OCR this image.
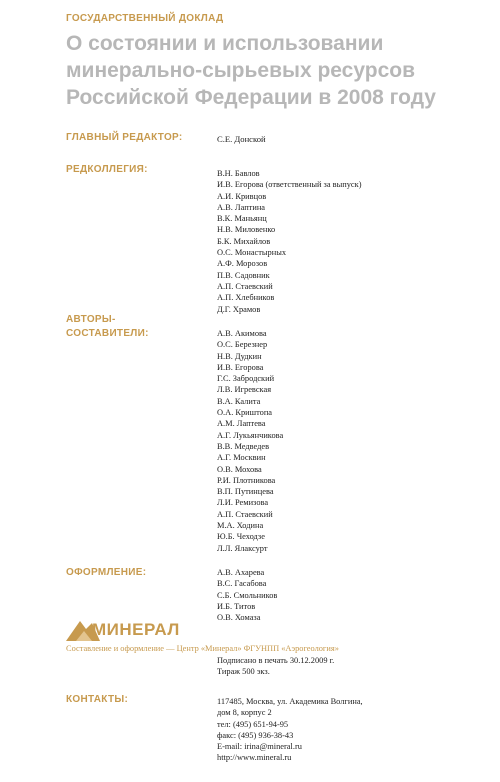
ГОСУДАРСТВЕННЫЙ ДОКЛАД
О состоянии и использовании
минерально-сырьевых ресурсов
Российской Федерации в 2008 году
ГЛАВНЫЙ РЕДАКТОР:	С.Е. Донской
РЕДКОЛЛЕГИЯ:	В.Н. Бавлов
И.В. Егорова (ответственный за выпуск)
А.И. Кривцов
А.В. Лаптина
В.К. Маньянц
Н.В. Миловенко
Б.К. Михайлов
О.С. Монастырных
А.Ф. Морозов
П.В. Садовник
А.П. Стаевский
А.П. Хлебников
Д.Г. Храмов
АВТОРЫ-
СОСТАВИТЕЛИ:	А.В. Акимова
О.С. Березнер
Н.В. Дудкин
И.В. Егорова
Г.С. Забродский
Л.В. Игревская
В.А. Калита
О.А. Криштопа
А.М. Лаптева
А.Г. Лукьянчикова
В.В. Медведев
А.Г. Москвин
О.В. Мохова
Р.И. Плотникова
В.П. Путинцева
Л.И. Ремизова
А.П. Стаевский
М.А. Ходина
Ю.Б. Чеходзе
Л.Л. Ялаксурт
ОФОРМЛЕНИЕ:	А.В. Ахарева
В.С. Гасабова
С.Б. Смольников
И.Б. Титов
О.В. Хомаза
МИНЕРАЛ
Составление и оформление — Центр «Минерал» ФГУНПП «Аэрогеология»
Подписано в печать 30.12.2009 г.
Тираж 500 экз.
КОНТАКТЫ:	117485, Москва, ул. Академика Волгина,
дом 8, корпус 2
тел: (495) 651-94-95
факс: (495) 936-38-43
E-mail: irina@mineral.ru
http://www.mineral.ru
